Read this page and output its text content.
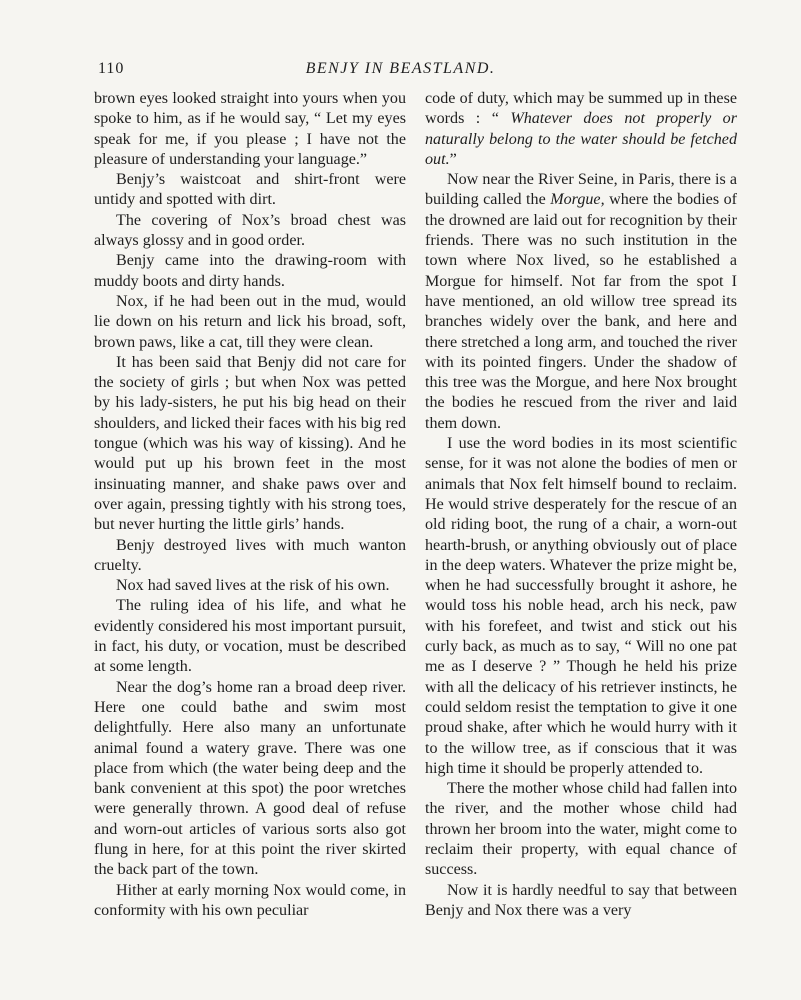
110	BENJY IN BEASTLAND.

brown eyes looked straight into yours when you spoke to him, as if he would say, “ Let my eyes speak for me, if you please ; I have not the pleasure of understanding your language.”

Benjy’s waistcoat and shirt-front were untidy and spotted with dirt.

The covering of Nox’s broad chest was always glossy and in good order.

Benjy came into the drawing-room with muddy boots and dirty hands.

Nox, if he had been out in the mud, would lie down on his return and lick his broad, soft, brown paws, like a cat, till they were clean.

It has been said that Benjy did not care for the society of girls ; but when Nox was petted by his lady-sisters, he put his big head on their shoulders, and licked their faces with his big red tongue (which was his way of kissing). And he would put up his brown feet in the most insinuating manner, and shake paws over and over again, pressing tightly with his strong toes, but never hurting the little girls’ hands.

Benjy destroyed lives with much wanton cruelty.

Nox had saved lives at the risk of his own.

The ruling idea of his life, and what he evidently considered his most important pursuit, in fact, his duty, or vocation, must be described at some length.

Near the dog’s home ran a broad deep river. Here one could bathe and swim most delightfully. Here also many an unfortunate animal found a watery grave. There was one place from which (the water being deep and the bank convenient at this spot) the poor wretches were generally thrown. A good deal of refuse and worn-out articles of various sorts also got flung in here, for at this point the river skirted the back part of the town.

Hither at early morning Nox would come, in conformity with his own peculiar

code of duty, which may be summed up in these words : “ Whatever does not properly or naturally belong to the water should be fetched out.”

Now near the River Seine, in Paris, there is a building called the Morgue, where the bodies of the drowned are laid out for recognition by their friends. There was no such institution in the town where Nox lived, so he established a Morgue for himself. Not far from the spot I have mentioned, an old willow tree spread its branches widely over the bank, and here and there stretched a long arm, and touched the river with its pointed fingers. Under the shadow of this tree was the Morgue, and here Nox brought the bodies he rescued from the river and laid them down.

I use the word bodies in its most scientific sense, for it was not alone the bodies of men or animals that Nox felt himself bound to reclaim. He would strive desperately for the rescue of an old riding boot, the rung of a chair, a worn-out hearth-brush, or anything obviously out of place in the deep waters. Whatever the prize might be, when he had successfully brought it ashore, he would toss his noble head, arch his neck, paw with his forefeet, and twist and stick out his curly back, as much as to say, “ Will no one pat me as I deserve ? ” Though he held his prize with all the delicacy of his retriever instincts, he could seldom resist the temptation to give it one proud shake, after which he would hurry with it to the willow tree, as if conscious that it was high time it should be properly attended to.

There the mother whose child had fallen into the river, and the mother whose child had thrown her broom into the water, might come to reclaim their property, with equal chance of success.

Now it is hardly needful to say that between Benjy and Nox there was a very
